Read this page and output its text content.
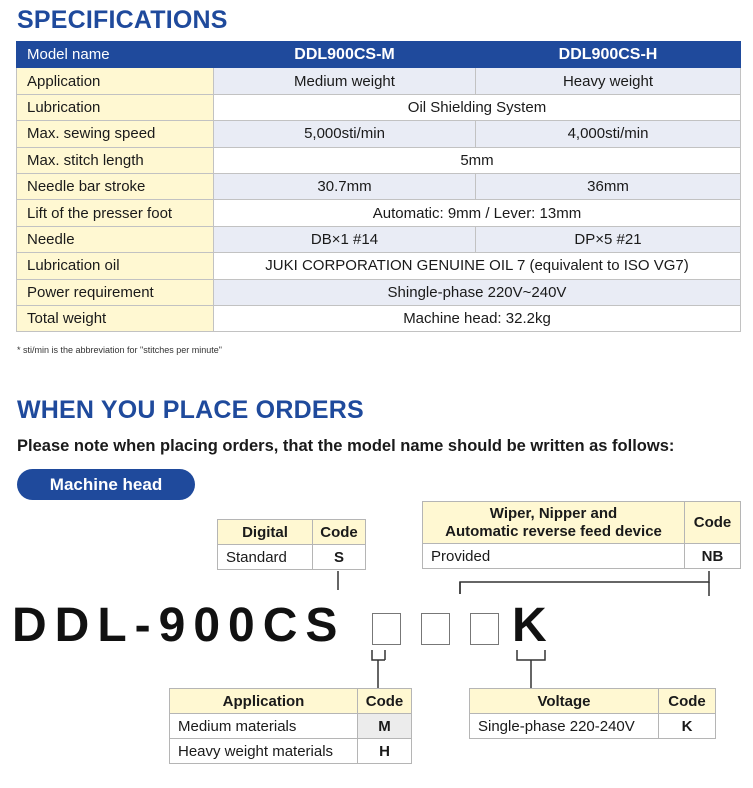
SPECIFICATIONS
Model name	DDL900CS-M	DDL900CS-H
Application	Medium weight	Heavy weight
Lubrication	Oil Shielding System	
Max. sewing speed	5,000sti/min	4,000sti/min
Max. stitch length	5mm	
Needle bar stroke	30.7mm	36mm
Lift of the presser foot	Automatic: 9mm / Lever: 13mm	
Needle	DB×1 #14	DP×5 #21
Lubrication oil	JUKI CORPORATION GENUINE OIL 7 (equivalent to ISO VG7)	
Power requirement	Shingle-phase 220V~240V	
Total weight	Machine head: 32.2kg	
* sti/min is the abbreviation for "stitches per minute"
WHEN YOU PLACE ORDERS
Please note when placing orders, that the model name should be written as follows:
Machine head
Digital	Code
Standard	S
Wiper, Nipper and
Automatic reverse feed device	Code
Provided	NB
DDL-900CS	K
Application	Code
Medium materials	M
Heavy weight materials	H
Voltage	Code
Single-phase 220-240V	K
